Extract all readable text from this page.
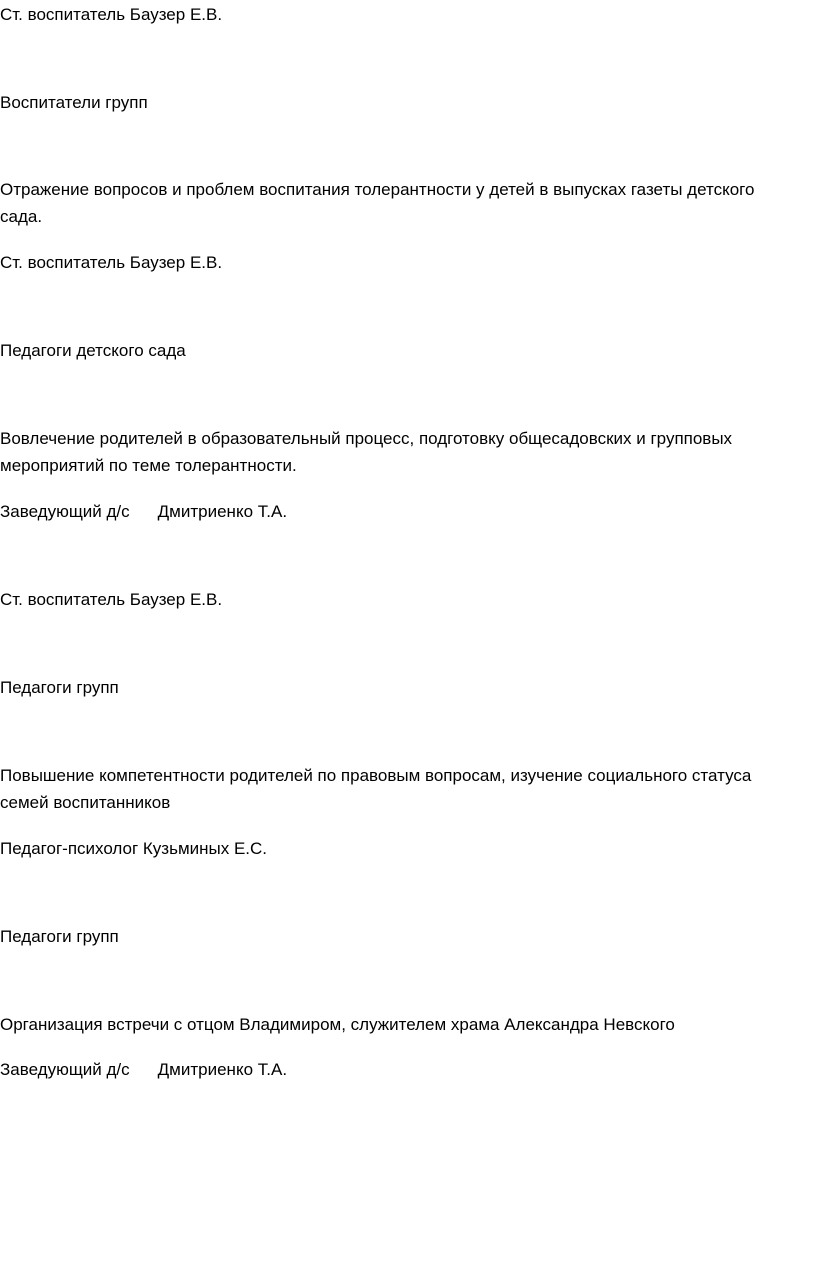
Ст. воспитатель Баузер Е.В.
Воспитатели групп
Отражение вопросов и проблем воспитания толерантности у детей в выпусках газеты детского сада.
Ст. воспитатель Баузер Е.В.
Педагоги детского сада
Вовлечение родителей в образовательный процесс, подготовку общесадовских и групповых мероприятий по теме толерантности.
Заведующий д/с Дмитриенко Т.А.
Ст. воспитатель Баузер Е.В.
Педагоги групп
Повышение компетентности родителей по правовым вопросам, изучение социального статуса семей воспитанников
Педагог-психолог Кузьминых Е.С.
Педагоги групп
Организация встречи с отцом Владимиром, служителем храма Александра Невского
Заведующий д/с Дмитриенко Т.А.
